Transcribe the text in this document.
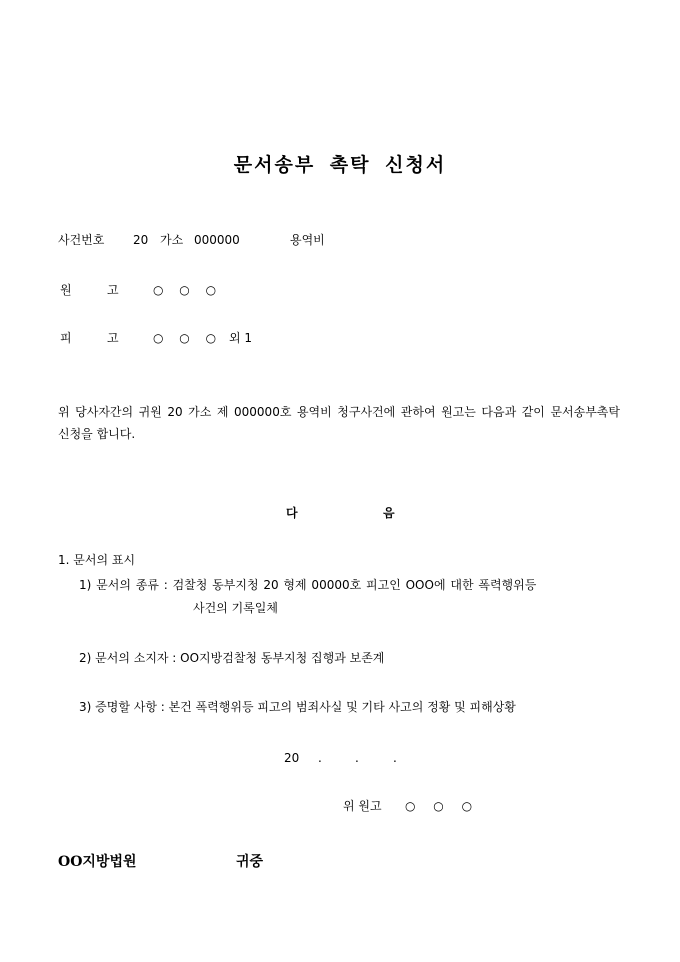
문서송부 촉탁 신청서
사건번호 20 가소 000000	용역비
원	고	○ ○ ○
피	고	○ ○ ○ 외 1
위 당사자간의 귀원 20 가소 제 000000호 용역비 청구사건에 관하여 원고는 다음과 같이 문서송부촉탁 신청을 합니다.
다	음
1. 문서의 표시
1) 문서의 종류 : 검찰청 동부지청 20 형제 00000호 피고인 OOO에 대한 폭력행위등
사건의 기록일체
2) 문서의 소지자 : OO지방검찰청 동부지청 집행과 보존계
3) 증명할 사항 : 본건 폭력행위등 피고의 범죄사실 및 기타 사고의 정황 및 피해상황
20 .	.	.
위 원고 ○ ○ ○
OO지방법원	귀중
